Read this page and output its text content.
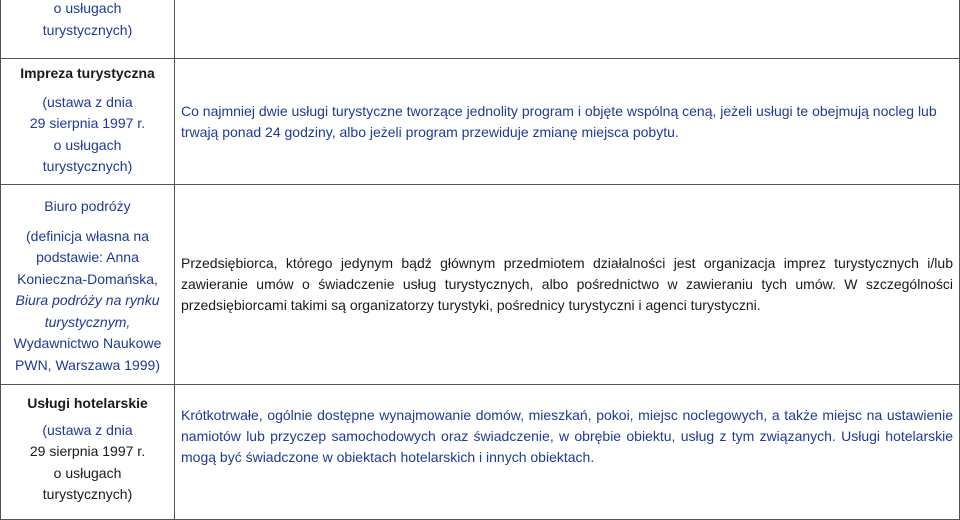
o usługach
turystycznych)
Impreza turystyczna
(ustawa z dnia
29 sierpnia 1997 r.
o usługach
turystycznych)

Co najmniej dwie usługi turystyczne tworzące jednolity program i objęte wspólną ceną, jeżeli usługi te obejmują nocleg lub trwają ponad 24 godziny, albo jeżeli program przewiduje zmianę miejsca pobytu.

Biuro podróży
(definicja własna na
podstawie: Anna
Konieczna-Domańska,
Biura podróży na rynku
turystycznym,
Wydawnictwo Naukowe
PWN, Warszawa 1999)

Przedsiębiorca, którego jedynym bądź głównym przedmiotem działalności jest organizacja imprez turystycznych i/lub zawieranie umów o świadczenie usług turystycznych, albo pośrednictwo w zawieraniu tych umów. W szczególności przedsiębiorcami takimi są organizatorzy turystyki, pośrednicy turystyczni i agenci turystyczni.

Usługi hotelarskie
(ustawa z dnia
29 sierpnia 1997 r.
o usługach
turystycznych)

Krótkotrwałe, ogólnie dostępne wynajmowanie domów, mieszkań, pokoi, miejsc noclegowych, a także miejsc na ustawienie namiotów lub przyczep samochodowych oraz świadczenie, w obrębie obiektu, usług z tym związanych. Usługi hotelarskie mogą być świadczone w obiektach hotelarskich i innych obiektach.
